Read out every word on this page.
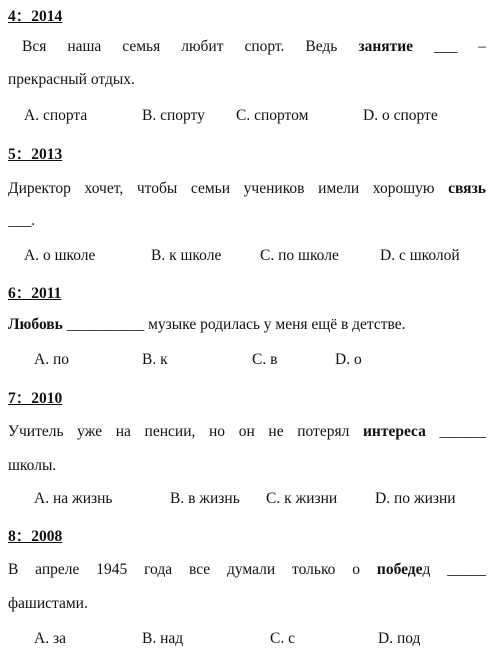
4：2014
Вся наша семья любит спорт. Ведь занятие ___ –
прекрасный отдых.
A. спорта	B. спорту C. спортом	D. о спорте
5：2013
Директор хочет, чтобы семьи учеников имели хорошую связь
___.
A. о школе	B. к школе C. по школе	D. с школой
6：2011
Любовь __________ музыке родилась у меня ещё в детстве.
A. по	B. к	C. в	D. о
7：2010
Учитель уже на пенсии, но он не потерял интереса ______
школы.
A. на жизнь	B. в жизнь C. к жизни D. по жизни
8：2008
В апреле 1945 года все думали только о победед _____
фашистами.
A. за	B. над	C. с	D. под
